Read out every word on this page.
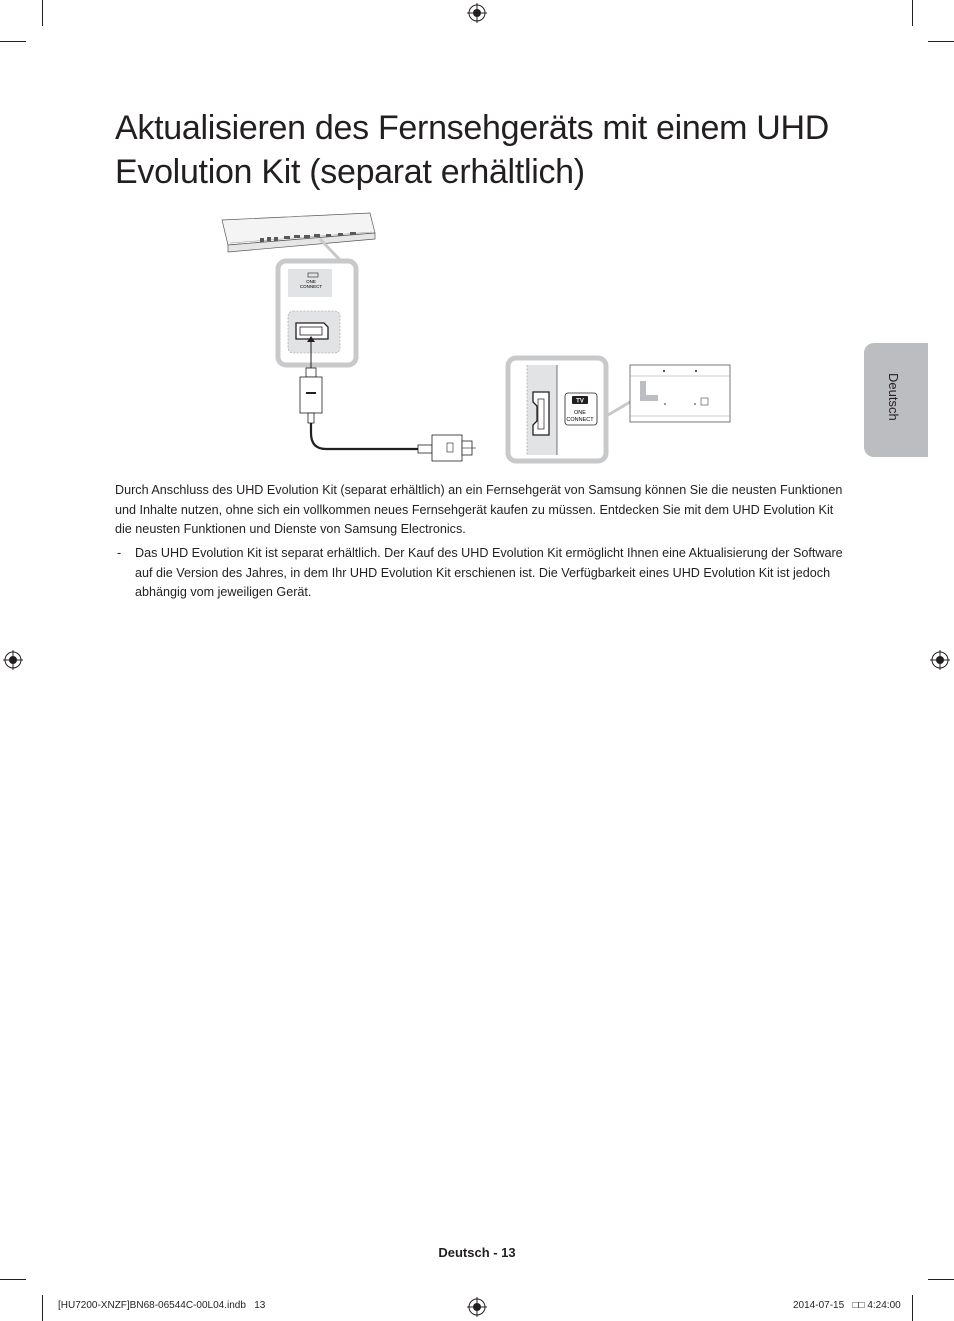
Aktualisieren des Fernsehgeräts mit einem UHD Evolution Kit (separat erhältlich)
ONE
CONNECT
TV
ONE
CONNECT

Durch Anschluss des UHD Evolution Kit (separat erhältlich) an ein Fernsehgerät von Samsung können Sie die neusten Funktionen und Inhalte nutzen, ohne sich ein vollkommen neues Fernsehgerät kaufen zu müssen. Entdecken Sie mit dem UHD Evolution Kit die neusten Funktionen und Dienste von Samsung Electronics.

- Das UHD Evolution Kit ist separat erhältlich. Der Kauf des UHD Evolution Kit ermöglicht Ihnen eine Aktualisierung der Software auf die Version des Jahres, in dem Ihr UHD Evolution Kit erschienen ist. Die Verfügbarkeit eines UHD Evolution Kit ist jedoch abhängig vom jeweiligen Gerät.
Deutsch
Deutsch - 13
[HU7200-XNZF]BN68-06544C-00L04.indb   13	2014-07-15   □□ 4:24:00
